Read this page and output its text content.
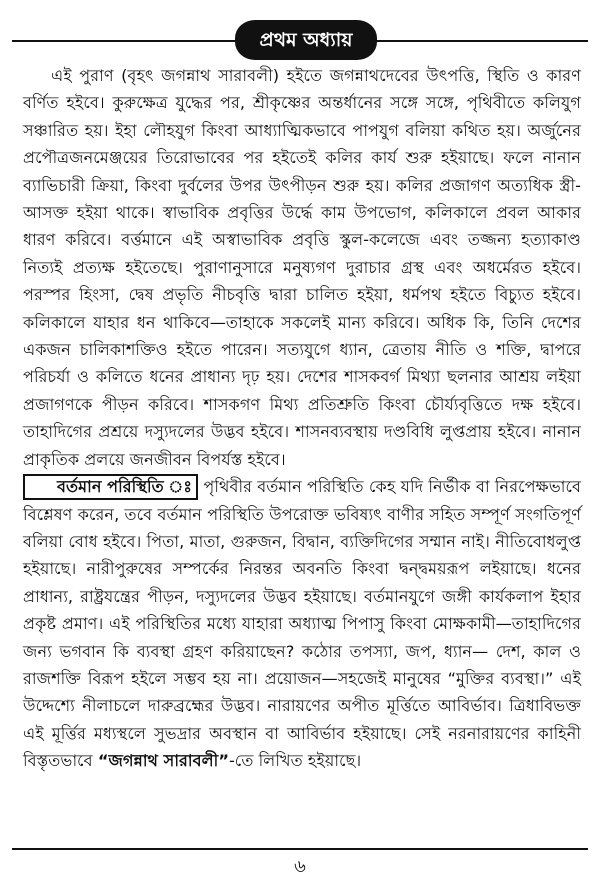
প্রথম অধ্যায়

এই পুরাণ (বৃহৎ জগন্নাথ সারাবলী) হইতে জগন্নাথদেবের উৎপত্তি, স্থিতি ও কারণ বর্ণিত হইবে। কুরুক্ষেত্র যুদ্ধের পর, শ্রীকৃষ্ণের অন্তর্ধানের সঙ্গে সঙ্গে, পৃথিবীতে কলিযুগ সঞ্চারিত হয়। ইহা লৌহযুগ কিংবা আধ্যাত্মিকভাবে পাপযুগ বলিয়া কথিত হয়। অর্জুনের প্রপৌত্রজনমেঞ্জয়ের তিরোভাবের পর হইতেই কলির কার্য শুরু হইয়াছে। ফলে নানান ব্যাভিচারী ক্রিয়া, কিংবা দুর্বলের উপর উৎপীড়ন শুরু হয়। কলির প্রজাগণ অত্যধিক স্ত্রী-আসক্ত হইয়া থাকে। স্বাভাবিক প্রবৃত্তির উর্দ্ধে কাম উপভোগ, কলিকালে প্রবল আকার ধারণ করিবে। বর্ত্তমানে এই অস্বাভাবিক প্রবৃত্তি স্কুল-কলেজে এবং তজ্জন্য হত্যাকাণ্ড নিত্যই প্রত্যক্ষ হইতেছে। পুরাণানুসারে মনুষ্যগণ দুরাচার গ্রস্থ এবং অধর্মেরত হইবে। পরস্পর হিংসা, দ্বেষ প্রভৃতি নীচবৃত্তি দ্বারা চালিত হইয়া, ধর্মপথ হইতে বিচ্যুত হইবে। কলিকালে যাহার ধন থাকিবে—তাহাকে সকলেই মান্য করিবে। অধিক কি, তিনি দেশের একজন চালিকাশক্তিও হইতে পারেন। সত্যযুগে ধ্যান, ত্রেতায় নীতি ও শক্তি, দ্বাপরে পরিচর্যা ও কলিতে ধনের প্রাধান্য দৃঢ় হয়। দেশের শাসকবর্গ মিথ্যা ছলনার আশ্রয় লইয়া প্রজাগণকে পীড়ন করিবে। শাসকগণ মিথ্য প্রতিশ্রুতি কিংবা চৌর্য্যবৃত্তিতে দক্ষ হইবে। তাহাদিগের প্রশ্রয়ে দস্যুদলের উদ্ভব হইবে। শাসনব্যবস্থায় দণ্ডবিধি লুপ্তপ্রায় হইবে। নানান প্রাকৃতিক প্রলয়ে জনজীবন বিপর্যস্ত হইবে।

বর্তমান পরিস্থিতি ঃ পৃথিবীর বর্তমান পরিস্থিতি কেহ যদি নির্ভীক বা নিরপেক্ষভাবে বিশ্লেষণ করেন, তবে বর্তমান পরিস্থিতি উপরোক্ত ভবিষ্যৎ বাণীর সহিত সম্পূর্ণ সংগতিপূর্ণ বলিয়া বোধ হইবে। পিতা, মাতা, গুরুজন, বিদ্বান, ব্যক্তিদিগের সম্মান নাই। নীতিবোধলুপ্ত হইয়াছে। নারীপুরুষের সম্পর্কের নিরন্তর অবনতি কিংবা দ্বন্দ্বময়রূপ লইয়াছে। ধনের প্রাধান্য, রাষ্ট্রযন্ত্রের পীড়ন, দস্যুদলের উদ্ভব হইয়াছে। বর্তমানযুগে জঙ্গী কার্যকলাপ ইহার প্রকৃষ্ট প্রমাণ। এই পরিস্থিতির মধ্যে যাহারা অধ্যাত্ম পিপাসু কিংবা মোক্ষকামী—তাহাদিগের জন্য ভগবান কি ব্যবস্থা গ্রহণ করিয়াছেন? কঠোর তপস্যা, জপ, ধ্যান— দেশ, কাল ও রাজশক্তি বিরূপ হইলে সম্ভব হয় না। প্রয়োজন—সহজেই মানুষের “মুক্তির ব্যবস্থা।” এই উদ্দেশ্যে নীলাচলে দারুব্রহ্মের উদ্ভব। নারায়ণের অপীত মূর্ত্তিতে আবির্ভাব। ত্রিধাবিভক্ত এই মূর্ত্তির মধ্যস্থলে সুভদ্রার অবস্থান বা আবির্ভাব হইয়াছে। সেই নরনারায়ণের কাহিনী বিস্তৃতভাবে “জগন্নাথ সারাবলী”-তে লিখিত হইয়াছে।

৬
